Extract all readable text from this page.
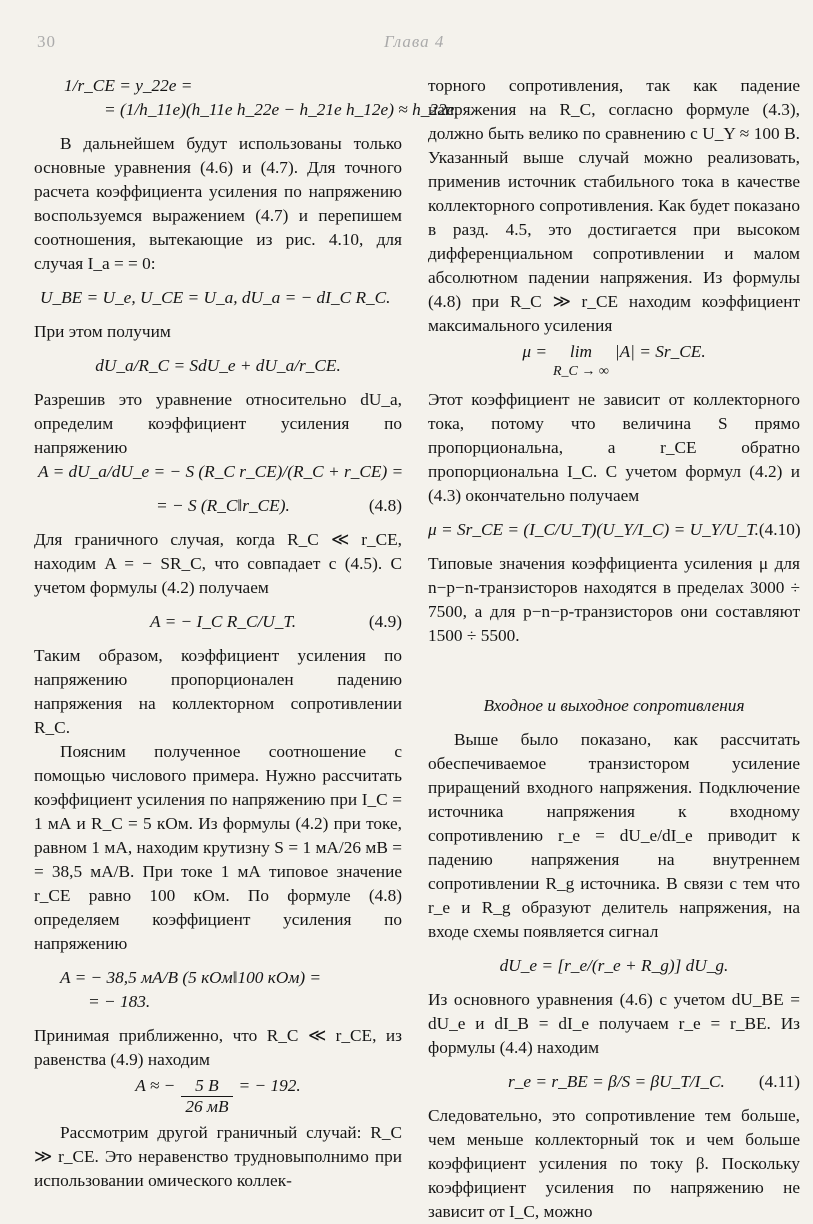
30	Глава 4
1/r_CE = y_22e =
= (1/h_11e)(h_11e h_22e − h_21e h_12e) ≈ h_22e.

В дальнейшем будут использованы только основные уравнения (4.6) и (4.7). Для точного расчета коэффициента усиления по напряжению воспользуемся выражением (4.7) и перепишем соотношения, вытекающие из рис. 4.10, для случая I_a = = 0:

U_BE = U_e, U_CE = U_a, dU_a = − dI_C R_C.

При этом получим

dU_a/R_C = SdU_e + dU_a/r_CE.

Разрешив это уравнение относительно dU_a, определим коэффициент усиления по напряжению

A = dU_a/dU_e = − S (R_C r_CE)/(R_C + r_CE) =
= − S (R_C‖r_CE).	(4.8)

Для граничного случая, когда R_C ≪ r_CE, находим A = − SR_C, что совпадает с (4.5). С учетом формулы (4.2) получаем

A = − I_C R_C/U_T.	(4.9)

Таким образом, коэффициент усиления по напряжению пропорционален падению напряжения на коллекторном сопротивлении R_C.

Поясним полученное соотношение с помощью числового примера. Нужно рассчитать коэффициент усиления по напряжению при I_C = 1 мА и R_C = 5 кОм. Из формулы (4.2) при токе, равном 1 мА, находим крутизну S = 1 мА/26 мВ = = 38,5 мА/В. При токе 1 мА типовое значение r_CE равно 100 кОм. По формуле (4.8) определяем коэффициент усиления по напряжению

A = − 38,5 мА/В (5 кОм‖100 кОм) =
= − 183.

Принимая приближенно, что R_C ≪ r_CE, из равенства (4.9) находим

A ≈ − $\frac{5 В}{26 мВ}$ = − 192.

Рассмотрим другой граничный случай: R_C ≫ r_CE. Это неравенство трудновыполнимо при использовании омического коллек-

торного сопротивления, так как падение напряжения на R_C, согласно формуле (4.3), должно быть велико по сравнению с U_Y ≈ 100 В. Указанный выше случай можно реализовать, применив источник стабильного тока в качестве коллекторного сопротивления. Как будет показано в разд. 4.5, это достигается при высоком дифференциальном сопротивлении и малом абсолютном падении напряжения. Из формулы (4.8) при R_C ≫ r_CE находим коэффициент максимального усиления

μ =	lim
R_C → ∞
|A| = Sr_CE.

Этот коэффициент не зависит от коллекторного тока, потому что величина S прямо пропорциональна, а r_CE обратно пропорциональна I_C. С учетом формул (4.2) и (4.3) окончательно получаем

μ = Sr_CE = (I_C/U_T)(U_Y/I_C) = U_Y/U_T. (4.10)

Типовые значения коэффициента усиления μ для n−p−n-транзисторов находятся в пределах 3000 ÷ 7500, а для p−n−p-транзисторов они составляют 1500 ÷ 5500.

Входное и выходное сопротивления

Выше было показано, как рассчитать обеспечиваемое транзистором усиление приращений входного напряжения. Подключение источника напряжения к входному сопротивлению r_e = dU_e/dI_e приводит к падению напряжения на внутреннем сопротивлении R_g источника. В связи с тем что r_e и R_g образуют делитель напряжения, на входе схемы появляется сигнал

dU_e = [r_e/(r_e + R_g)] dU_g.

Из основного уравнения (4.6) с учетом dU_BE = dU_e и dI_B = dI_e получаем r_e = r_BE. Из формулы (4.4) находим

r_e = r_BE = β/S = βU_T/I_C. (4.11)

Следовательно, это сопротивление тем больше, чем меньше коллекторный ток и чем больше коэффициент усиления по току β. Поскольку коэффициент усиления по напряжению не зависит от I_C, можно
